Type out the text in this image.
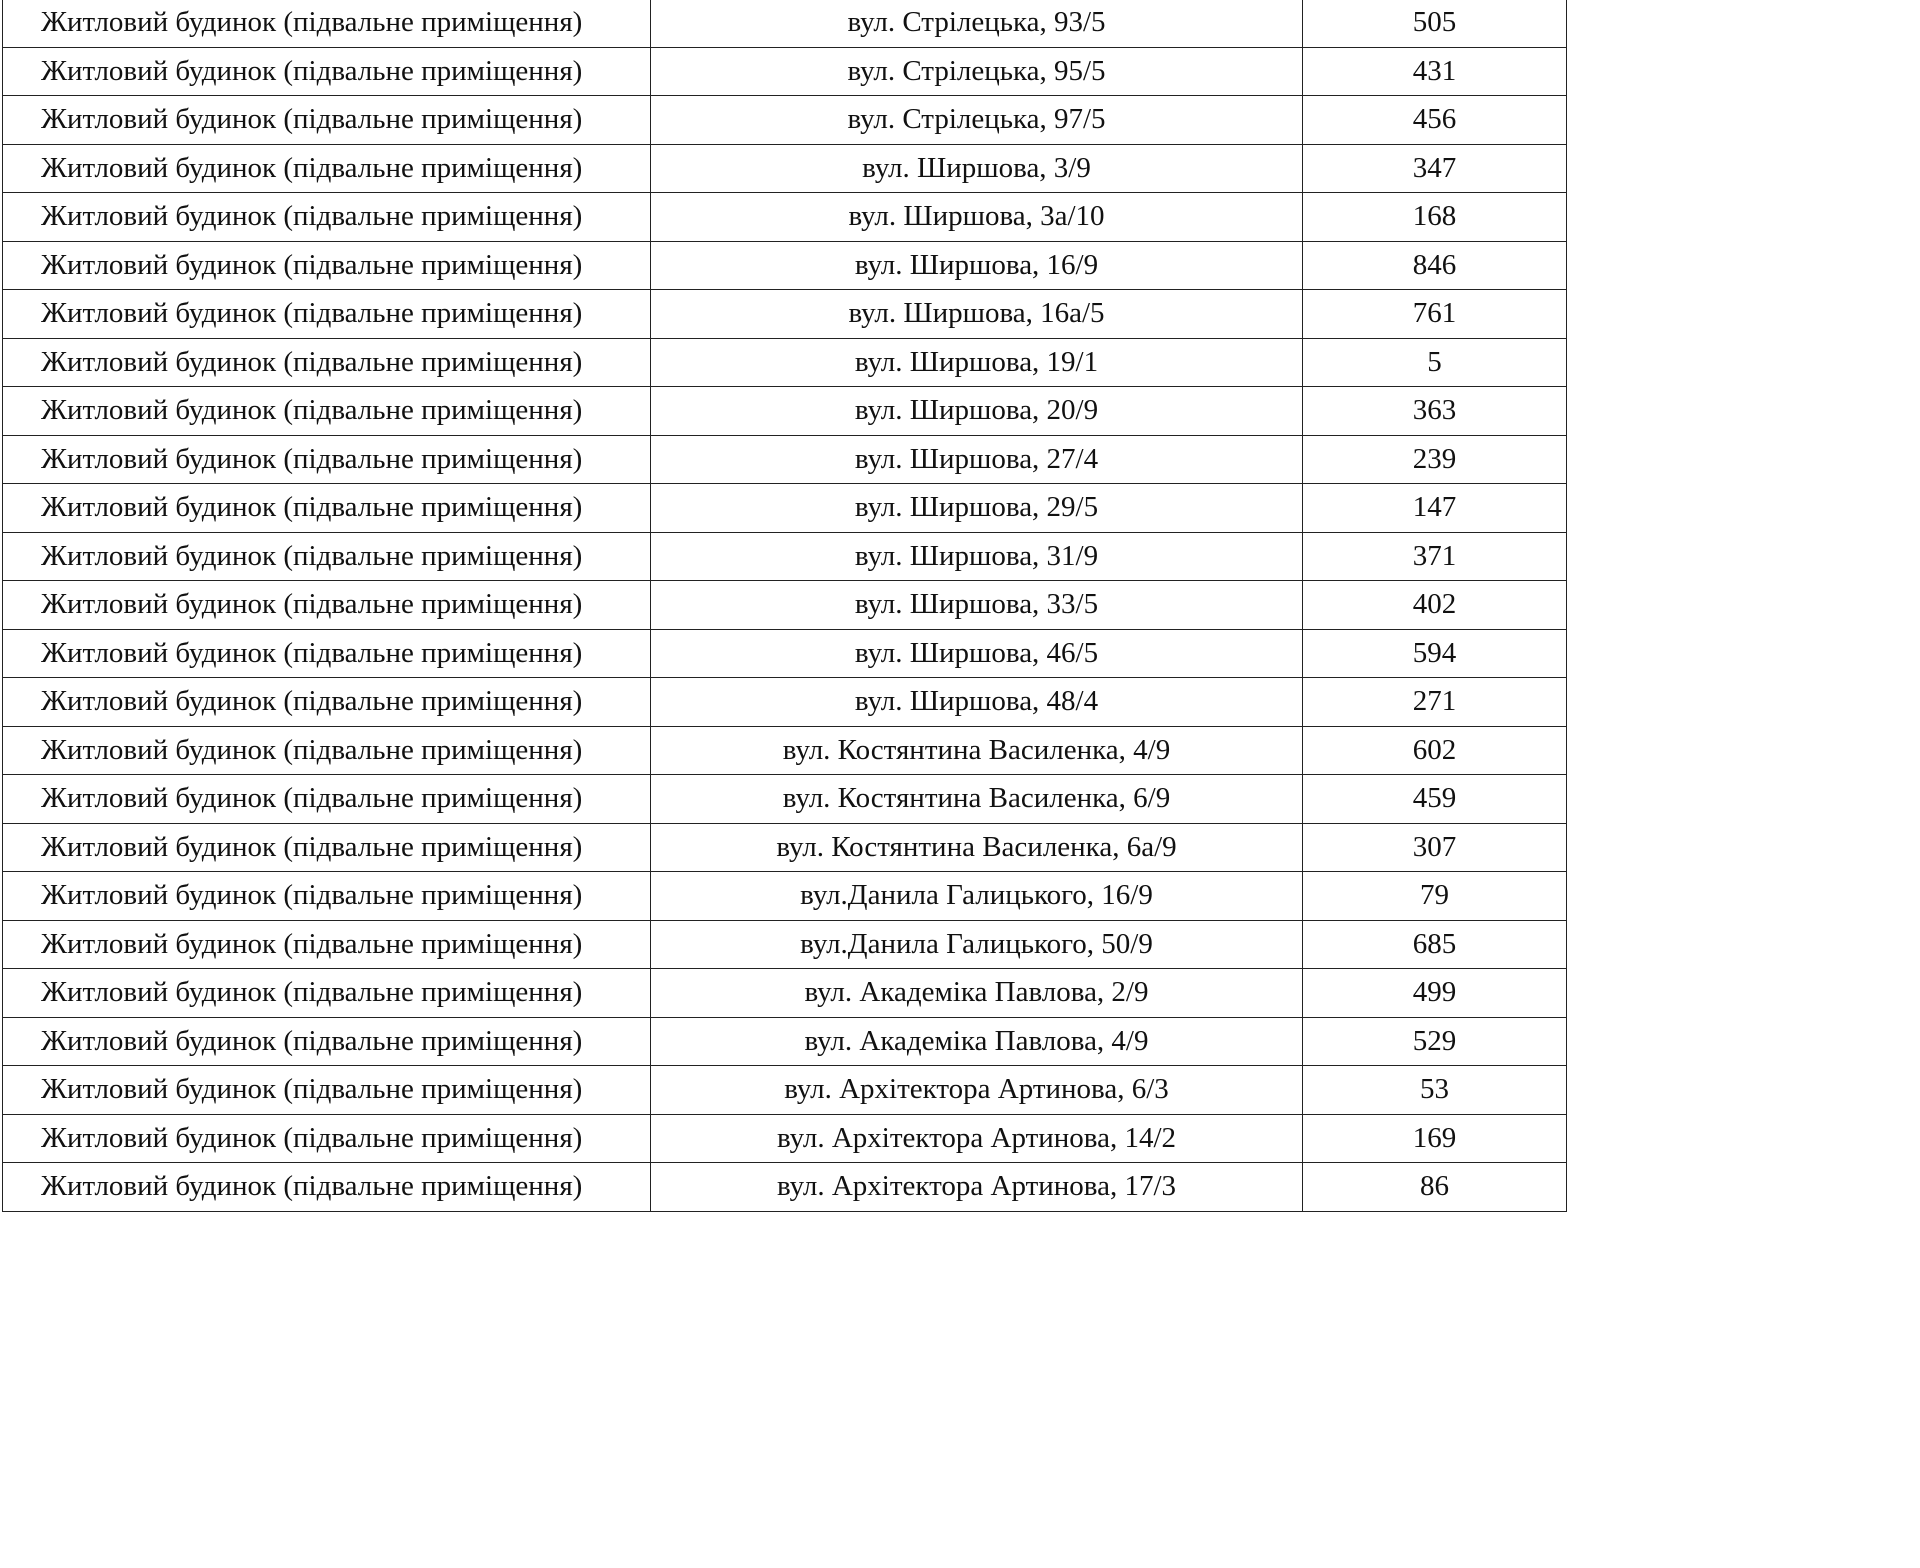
Житловий будинок (підвальне приміщення)	вул. Стрілецька, 93/5	505
Житловий будинок (підвальне приміщення)	вул. Стрілецька, 95/5	431
Житловий будинок (підвальне приміщення)	вул. Стрілецька, 97/5	456
Житловий будинок (підвальне приміщення)	вул. Ширшова, 3/9	347
Житловий будинок (підвальне приміщення)	вул. Ширшова, 3а/10	168
Житловий будинок (підвальне приміщення)	вул. Ширшова, 16/9	846
Житловий будинок (підвальне приміщення)	вул. Ширшова, 16а/5	761
Житловий будинок (підвальне приміщення)	вул. Ширшова, 19/1	5
Житловий будинок (підвальне приміщення)	вул. Ширшова, 20/9	363
Житловий будинок (підвальне приміщення)	вул. Ширшова, 27/4	239
Житловий будинок (підвальне приміщення)	вул. Ширшова, 29/5	147
Житловий будинок (підвальне приміщення)	вул. Ширшова, 31/9	371
Житловий будинок (підвальне приміщення)	вул. Ширшова, 33/5	402
Житловий будинок (підвальне приміщення)	вул. Ширшова, 46/5	594
Житловий будинок (підвальне приміщення)	вул. Ширшова, 48/4	271
Житловий будинок (підвальне приміщення)	вул. Костянтина Василенка, 4/9	602
Житловий будинок (підвальне приміщення)	вул. Костянтина Василенка, 6/9	459
Житловий будинок (підвальне приміщення)	вул. Костянтина Василенка, 6а/9	307
Житловий будинок (підвальне приміщення)	вул.Данила Галицького, 16/9	79
Житловий будинок (підвальне приміщення)	вул.Данила Галицького, 50/9	685
Житловий будинок (підвальне приміщення)	вул. Академіка Павлова, 2/9	499
Житловий будинок (підвальне приміщення)	вул. Академіка Павлова, 4/9	529
Житловий будинок (підвальне приміщення)	вул. Архітектора Артинова, 6/3	53
Житловий будинок (підвальне приміщення)	вул. Архітектора Артинова, 14/2	169
Житловий будинок (підвальне приміщення)	вул. Архітектора Артинова, 17/3	86
